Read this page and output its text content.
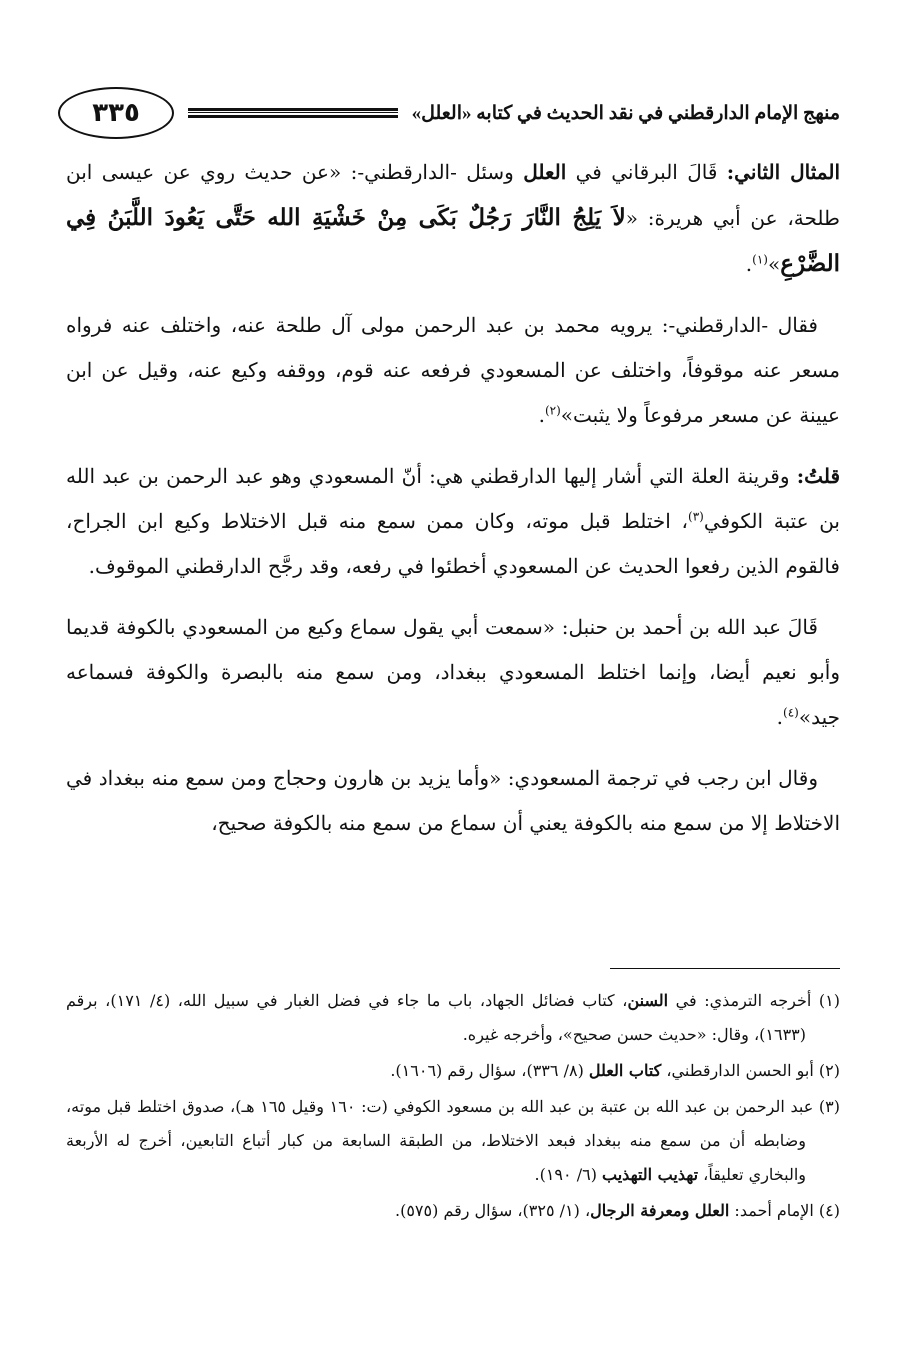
منهج الإمام الدارقطني في نقد الحديث في كتابه «العلل»
٣٣٥

المثال الثاني: قَالَ البرقاني في العلل وسئل -الدارقطني-: «عن حديث روي عن عيسى ابن طلحة، عن أبي هريرة: «لاَ يَلِجُ النَّارَ رَجُلٌ بَكَى مِنْ خَشْيَةِ الله حَتَّى يَعُودَ اللَّبَنُ فِي الضَّرْعِ»$^{(١)}$.

فقال -الدارقطني-: يرويه محمد بن عبد الرحمن مولى آل طلحة عنه، واختلف عنه فرواه مسعر عنه موقوفاً، واختلف عن المسعودي فرفعه عنه قوم، ووقفه وكيع عنه، وقيل عن ابن عيينة عن مسعر مرفوعاً ولا يثبت»$^{(٢)}$.

قلتُ: وقرينة العلة التي أشار إليها الدارقطني هي: أنّ المسعودي وهو عبد الرحمن بن عبد الله بن عتبة الكوفي$^{(٣)}$، اختلط قبل موته، وكان ممن سمع منه قبل الاختلاط وكيع ابن الجراح، فالقوم الذين رفعوا الحديث عن المسعودي أخطئوا في رفعه، وقد رجَّح الدارقطني الموقوف.

قَالَ عبد الله بن أحمد بن حنبل: «سمعت أبي يقول سماع وكيع من المسعودي بالكوفة قديما وأبو نعيم أيضا، وإنما اختلط المسعودي ببغداد، ومن سمع منه بالبصرة والكوفة فسماعه جيد»$^{(٤)}$.

وقال ابن رجب في ترجمة المسعودي: «وأما يزيد بن هارون وحجاج ومن سمع منه ببغداد في الاختلاط إلا من سمع منه بالكوفة يعني أن سماع من سمع منه بالكوفة صحيح،

(١) أخرجه الترمذي: في السنن، كتاب فضائل الجهاد، باب ما جاء في فضل الغبار في سبيل الله، (٤/ ١٧١)، برقم (١٦٣٣)، وقال: «حديث حسن صحيح»، وأخرجه غيره.

(٢) أبو الحسن الدارقطني، كتاب العلل (٨/ ٣٣٦)، سؤال رقم (١٦٠٦).

(٣) عبد الرحمن بن عبد الله بن عتبة بن عبد الله بن مسعود الكوفي (ت: ١٦٠ وقيل ١٦٥ هـ)، صدوق اختلط قبل موته، وضابطه أن من سمع منه ببغداد فبعد الاختلاط، من الطبقة السابعة من كبار أتباع التابعين، أخرج له الأربعة والبخاري تعليقاً، تهذيب التهذيب (٦/ ١٩٠).

(٤) الإمام أحمد: العلل ومعرفة الرجال، (١/ ٣٢٥)، سؤال رقم (٥٧٥).
